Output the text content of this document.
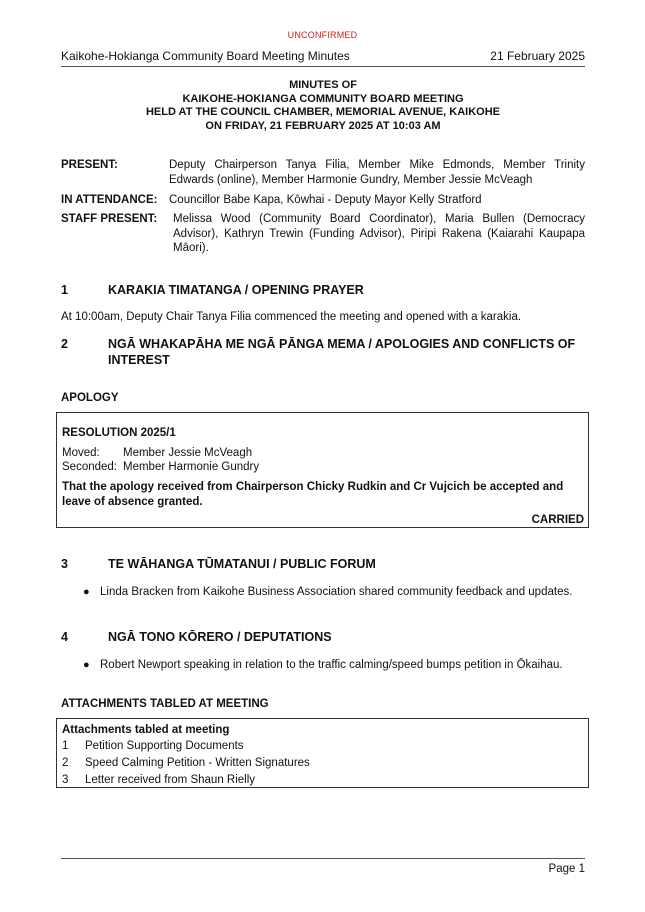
UNCONFIRMED
Kaikohe-Hokianga Community Board Meeting Minutes	21 February 2025
MINUTES OF
KAIKOHE-HOKIANGA COMMUNITY BOARD MEETING
HELD AT THE COUNCIL CHAMBER, MEMORIAL AVENUE, KAIKOHE
ON FRIDAY, 21 FEBRUARY 2025 AT 10:03 AM
PRESENT:	Deputy Chairperson Tanya Filia, Member Mike Edmonds, Member Trinity Edwards (online), Member Harmonie Gundry, Member Jessie McVeagh
IN ATTENDANCE:	Councillor Babe Kapa, Kōwhai - Deputy Mayor Kelly Stratford
STAFF PRESENT:	Melissa Wood (Community Board Coordinator), Maria Bullen (Democracy Advisor), Kathryn Trewin (Funding Advisor), Piripi Rakena (Kaiarahi Kaupapa Māori).
1	KARAKIA TIMATANGA / OPENING PRAYER
At 10:00am, Deputy Chair Tanya Filia commenced the meeting and opened with a karakia.
2	NGĀ WHAKAPĀHA ME NGĀ PĀNGA MEMA / APOLOGIES AND CONFLICTS OF INTEREST
APOLOGY
RESOLUTION 2025/1
Moved:	Member Jessie McVeagh
Seconded: Member Harmonie Gundry
That the apology received from Chairperson Chicky Rudkin and Cr Vujcich be accepted and leave of absence granted.
CARRIED
3	TE WĀHANGA TŪMATANUI / PUBLIC FORUM
● Linda Bracken from Kaikohe Business Association shared community feedback and updates.
4	NGĀ TONO KŌRERO / DEPUTATIONS
● Robert Newport speaking in relation to the traffic calming/speed bumps petition in Ōkaihau.
ATTACHMENTS TABLED AT MEETING
Attachments tabled at meeting
1	Petition Supporting Documents
2	Speed Calming Petition - Written Signatures
3	Letter received from Shaun Rielly
Page 1
